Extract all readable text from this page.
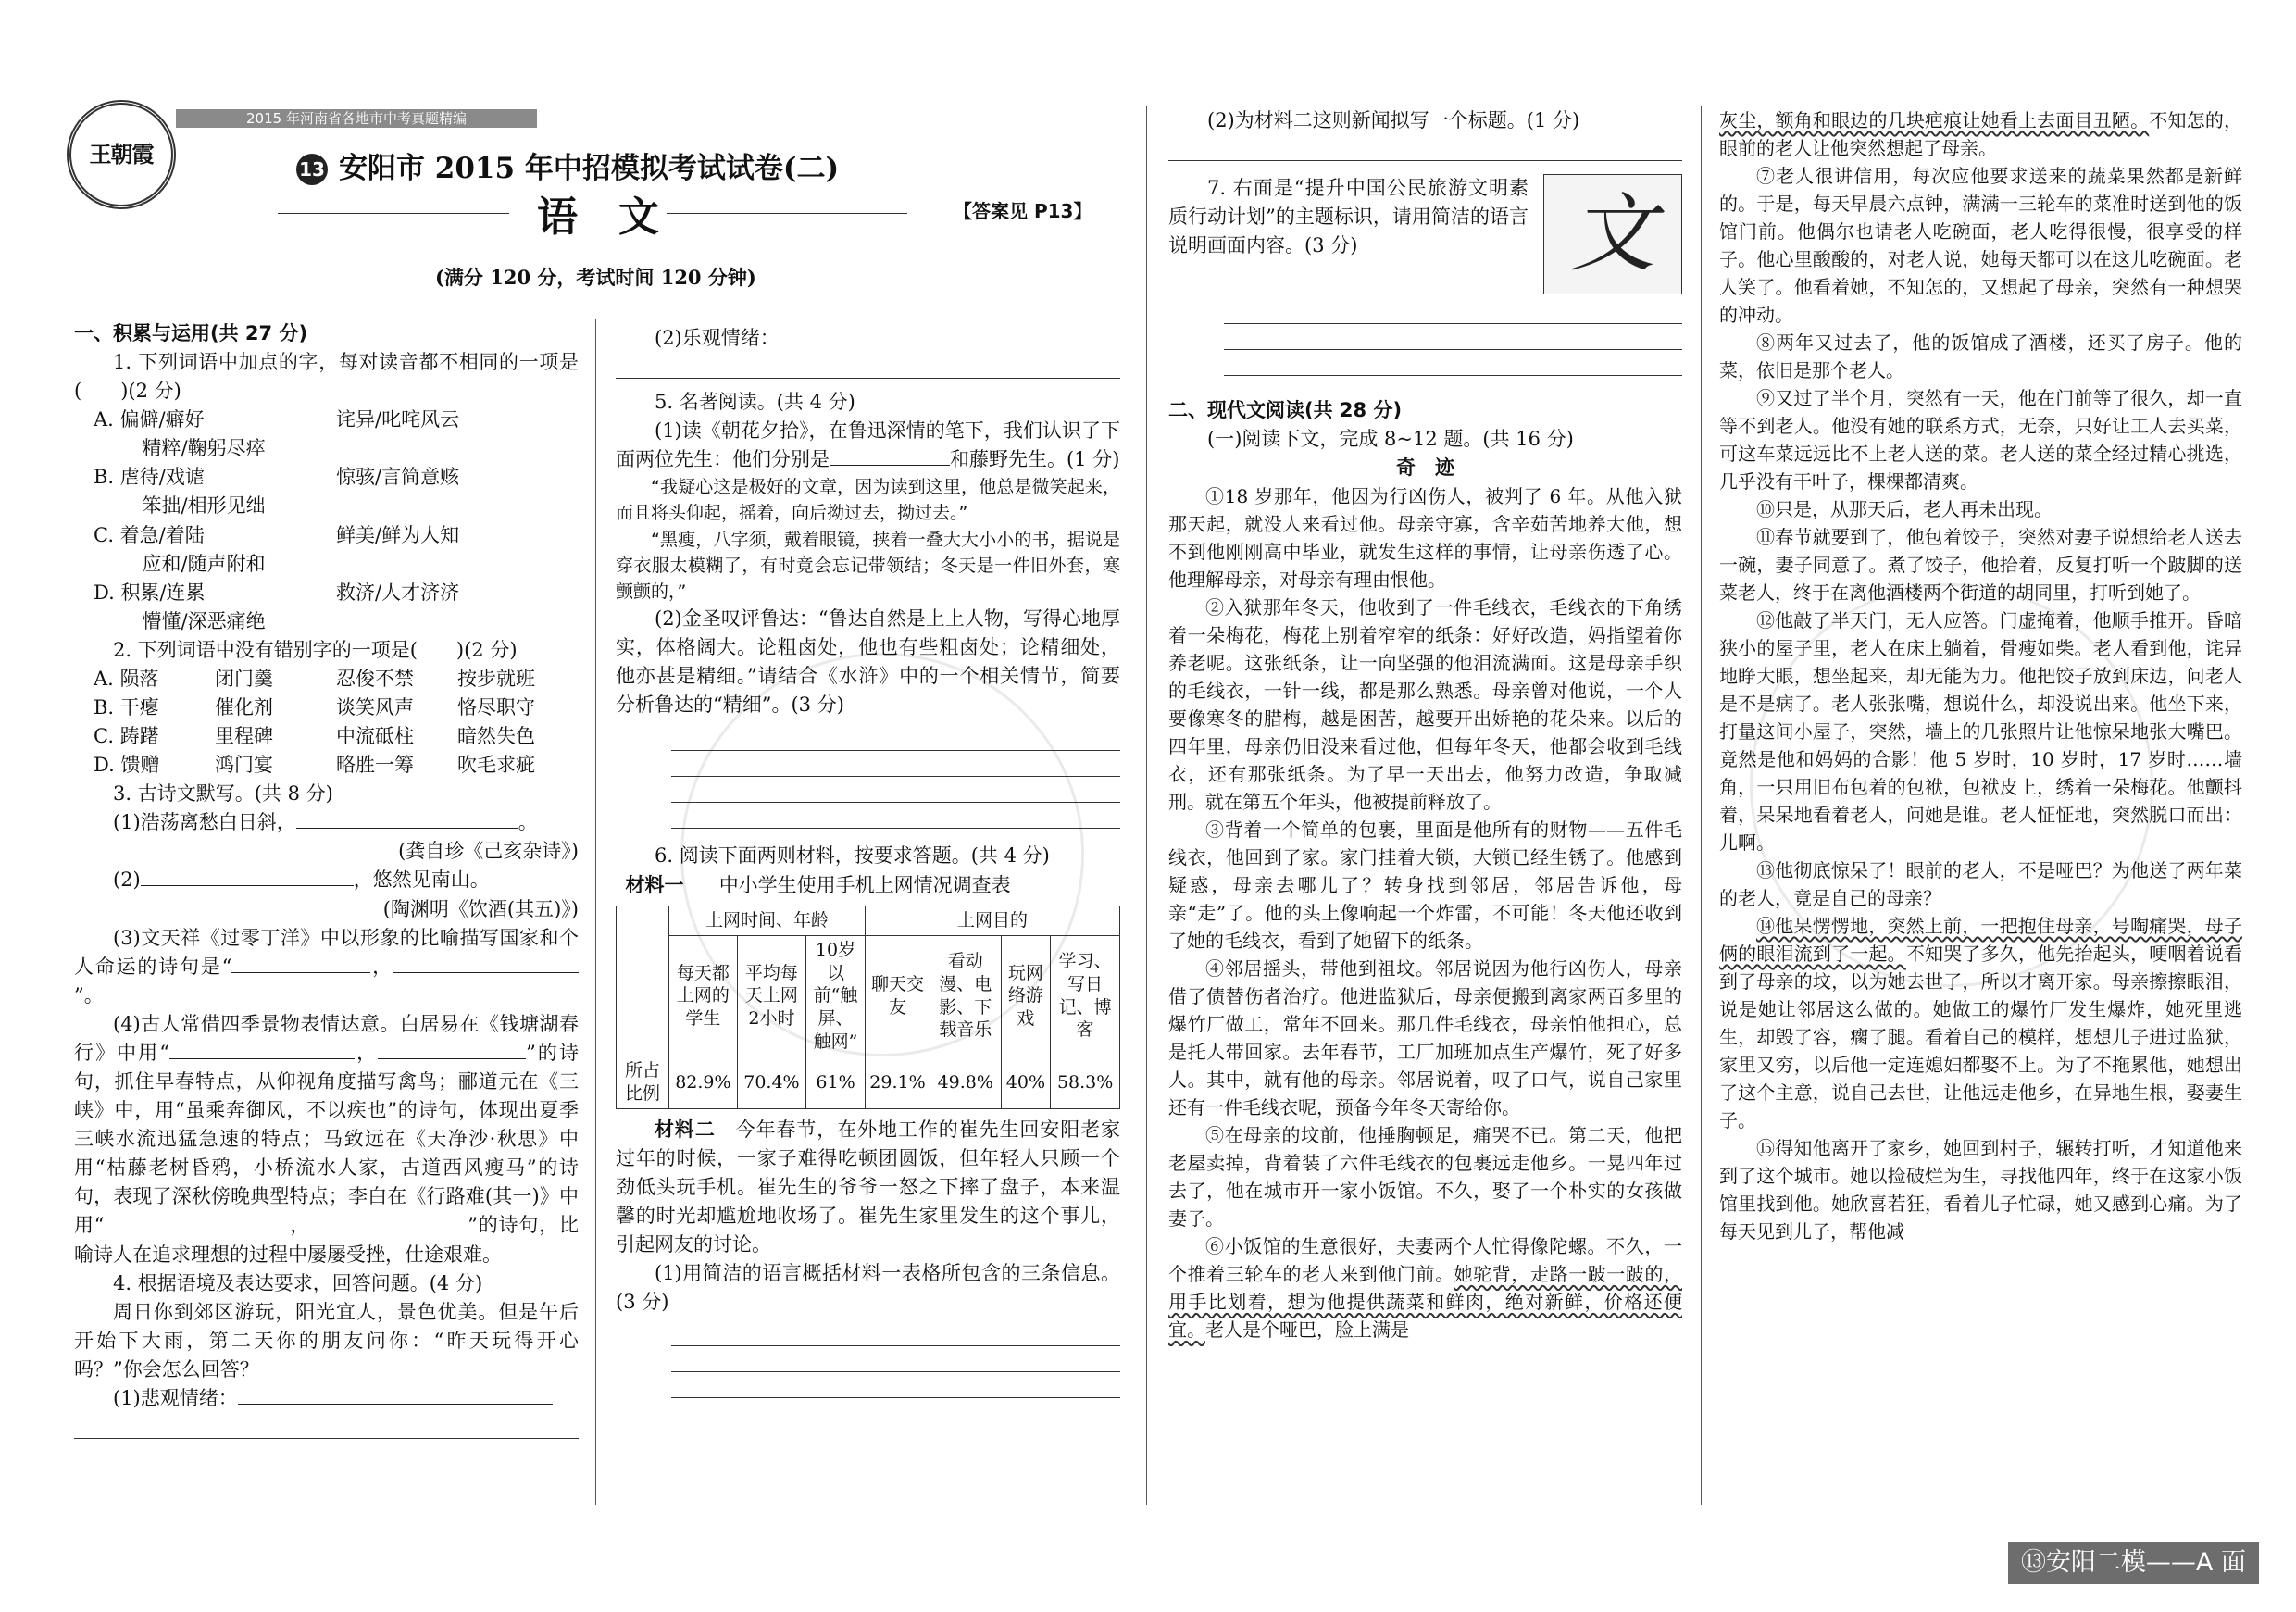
2015 年河南省各地市中考真题精编
王朝霞
13 安阳市 2015 年中招模拟考试试卷(二)
语　文	【答案见 P13】
(满分 120 分，考试时间 120 分钟)

一、积累与运用(共 27 分)

1. 下列词语中加点的字，每对读音都不相同的一项是(　　)(2 分)

A. 偏僻/癖好	诧异/叱咤风云

精粹/鞠躬尽瘁

B. 虐待/戏谑	惊骇/言简意赅

笨拙/相形见绌

C. 着急/着陆	鲜美/鲜为人知

应和/随声附和

D. 积累/连累	救济/人才济济

懵懂/深恶痛绝

2. 下列词语中没有错别字的一项是(　　)(2 分)

A. 陨落	闭门羹	忍俊不禁	按步就班

B. 干瘪	催化剂	谈笑风声	恪尽职守

C. 踌躇	里程碑	中流砥柱	暗然失色

D. 馈赠	鸿门宴	略胜一筹	吹毛求疵

3. 古诗文默写。(共 8 分)

(1)浩荡离愁白日斜，	。

(龚自珍《己亥杂诗》)

(2)	，悠然见南山。

(陶渊明《饮酒(其五)》)

(3)文天祥《过零丁洋》中以形象的比喻描写国家和个人命运的诗句是“	，”。

(4)古人常借四季景物表情达意。白居易在《钱塘湖春行》中用“	，	”的诗句，抓住早春特点，从仰视角度描写禽鸟；郦道元在《三峡》中，用“虽乘奔御风，不以疾也”的诗句，体现出夏季三峡水流迅猛急速的特点；马致远在《天净沙·秋思》中用“枯藤老树昏鸦，小桥流水人家，古道西风瘦马”的诗句，表现了深秋傍晚典型特点；李白在《行路难(其一)》中用“	，	”的诗句，比喻诗人在追求理想的过程中屡屡受挫，仕途艰难。

4. 根据语境及表达要求，回答问题。(4 分)

周日你到郊区游玩，阳光宜人，景色优美。但是午后开始下大雨，第二天你的朋友问你：“昨天玩得开心吗？”你会怎么回答？

(1)悲观情绪：

(2)乐观情绪：

5. 名著阅读。(共 4 分)

(1)读《朝花夕拾》，在鲁迅深情的笔下，我们认识了下面两位先生：他们分别是	和藤野先生。(1 分)

“我疑心这是极好的文章，因为读到这里，他总是微笑起来，而且将头仰起，摇着，向后拗过去，拗过去。”

“黑瘦，八字须，戴着眼镜，挟着一叠大大小小的书，据说是穿衣服太模糊了，有时竟会忘记带领结；冬天是一件旧外套，寒颤颤的，”

(2)金圣叹评鲁达：“鲁达自然是上上人物，写得心地厚实，体格阔大。论粗卤处，他也有些粗卤处；论精细处，他亦甚是精细。”请结合《水浒》中的一个相关情节，简要分析鲁达的“精细”。(3 分)

6. 阅读下面两则材料，按要求答题。(共 4 分)

材料一 中小学生使用手机上网情况调查表

	上网时间、年龄			上网目的			
	每天都上网的学生	平均每天上网2小时	10岁以前“触屏、触网”	聊天交友	看动漫、电影、下载音乐	玩网络游戏	学习、写日记、博客
所占比例	82.9%	70.4%	61%	29.1%	49.8%	40%	58.3%

材料二　 今年春节，在外地工作的崔先生回安阳老家过年的时候，一家子难得吃顿团圆饭，但年轻人只顾一个劲低头玩手机。崔先生的爷爷一怒之下摔了盘子，本来温馨的时光却尴尬地收场了。崔先生家里发生的这个事儿，引起网友的讨论。

(1)用简洁的语言概括材料一表格所包含的三条信息。(3 分)

(2)为材料二这则新闻拟写一个标题。(1 分)

7. 右面是“提升中国公民旅游文明素质行动计划”的主题标识，请用简洁的语言说明画面内容。(3 分)	文

二、现代文阅读(共 28 分)

(一)阅读下文，完成 8~12 题。(共 16 分)

奇　迹

①18 岁那年，他因为行凶伤人，被判了 6 年。从他入狱那天起，就没人来看过他。母亲守寡，含辛茹苦地养大他，想不到他刚刚高中毕业，就发生这样的事情，让母亲伤透了心。他理解母亲，对母亲有理由恨他。

②入狱那年冬天，他收到了一件毛线衣，毛线衣的下角绣着一朵梅花，梅花上别着窄窄的纸条：好好改造，妈指望着你养老呢。这张纸条，让一向坚强的他泪流满面。这是母亲手织的毛线衣，一针一线，都是那么熟悉。母亲曾对他说，一个人要像寒冬的腊梅，越是困苦，越要开出娇艳的花朵来。以后的四年里，母亲仍旧没来看过他，但每年冬天，他都会收到毛线衣，还有那张纸条。为了早一天出去，他努力改造，争取减刑。就在第五个年头，他被提前释放了。

③背着一个简单的包裹，里面是他所有的财物——五件毛线衣，他回到了家。家门挂着大锁，大锁已经生锈了。他感到疑惑，母亲去哪儿了？转身找到邻居，邻居告诉他，母亲“走”了。他的头上像响起一个炸雷，不可能！冬天他还收到了她的毛线衣，看到了她留下的纸条。

④邻居摇头，带他到祖坟。邻居说因为他行凶伤人，母亲借了债替伤者治疗。他进监狱后，母亲便搬到离家两百多里的爆竹厂做工，常年不回来。那几件毛线衣，母亲怕他担心，总是托人带回家。去年春节，工厂加班加点生产爆竹，死了好多人。其中，就有他的母亲。邻居说着，叹了口气，说自己家里还有一件毛线衣呢，预备今年冬天寄给你。

⑤在母亲的坟前，他捶胸顿足，痛哭不已。第二天，他把老屋卖掉，背着装了六件毛线衣的包裹远走他乡。一晃四年过去了，他在城市开一家小饭馆。不久，娶了一个朴实的女孩做妻子。

⑥小饭馆的生意很好，夫妻两个人忙得像陀螺。不久，一个推着三轮车的老人来到他门前。她驼背，走路一跛一跛的，用手比划着，想为他提供蔬菜和鲜肉，绝对新鲜，价格还便宜。老人是个哑巴，脸上满是

灰尘，额角和眼边的几块疤痕让她看上去面目丑陋。不知怎的，眼前的老人让他突然想起了母亲。

⑦老人很讲信用，每次应他要求送来的蔬菜果然都是新鲜的。于是，每天早晨六点钟，满满一三轮车的菜准时送到他的饭馆门前。他偶尔也请老人吃碗面，老人吃得很慢，很享受的样子。他心里酸酸的，对老人说，她每天都可以在这儿吃碗面。老人笑了。他看着她，不知怎的，又想起了母亲，突然有一种想哭的冲动。

⑧两年又过去了，他的饭馆成了酒楼，还买了房子。他的菜，依旧是那个老人。

⑨又过了半个月，突然有一天，他在门前等了很久，却一直等不到老人。他没有她的联系方式，无奈，只好让工人去买菜，可这车菜远远比不上老人送的菜。老人送的菜全经过精心挑选，几乎没有干叶子，棵棵都清爽。

⑩只是，从那天后，老人再未出现。

⑪春节就要到了，他包着饺子，突然对妻子说想给老人送去一碗，妻子同意了。煮了饺子，他拾着，反复打听一个跛脚的送菜老人，终于在离他酒楼两个街道的胡同里，打听到她了。

⑫他敲了半天门，无人应答。门虚掩着，他顺手推开。昏暗狭小的屋子里，老人在床上躺着，骨瘦如柴。老人看到他，诧异地睁大眼，想坐起来，却无能为力。他把饺子放到床边，问老人是不是病了。老人张张嘴，想说什么，却没说出来。他坐下来，打量这间小屋子，突然，墙上的几张照片让他惊呆地张大嘴巴。竟然是他和妈妈的合影！他 5 岁时，10 岁时，17 岁时……墙角，一只用旧布包着的包袱，包袱皮上，绣着一朵梅花。他颤抖着，呆呆地看着老人，问她是谁。老人怔怔地，突然脱口而出：儿啊。

⑬他彻底惊呆了！眼前的老人，不是哑巴？为他送了两年菜的老人，竟是自己的母亲？

⑭他呆愣愣地，突然上前，一把抱住母亲，号啕痛哭，母子俩的眼泪流到了一起。不知哭了多久，他先抬起头，哽咽着说看到了母亲的坟，以为她去世了，所以才离开家。母亲擦擦眼泪，说是她让邻居这么做的。她做工的爆竹厂发生爆炸，她死里逃生，却毁了容，瘸了腿。看着自己的模样，想想儿子进过监狱，家里又穷，以后他一定连媳妇都娶不上。为了不拖累他，她想出了这个主意，说自己去世，让他远走他乡，在异地生根，娶妻生子。

⑮得知他离开了家乡，她回到村子，辗转打听，才知道他来到了这个城市。她以捡破烂为生，寻找他四年，终于在这家小饭馆里找到他。她欣喜若狂，看着儿子忙碌，她又感到心痛。为了每天见到儿子，帮他减

⑬安阳二模——A 面
